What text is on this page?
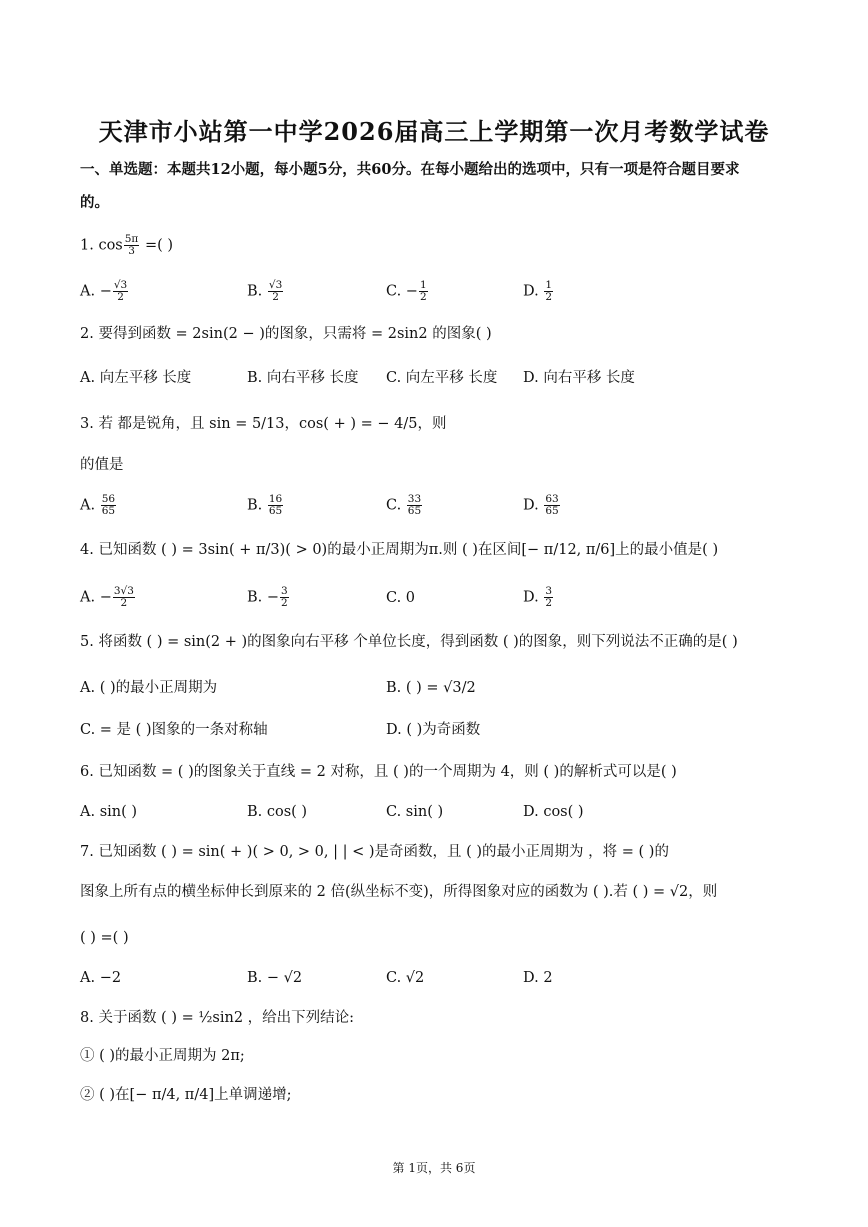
天津市小站第一中学2026届高三上学期第一次月考数学试卷
一、单选题：本题共12小题，每小题5分，共60分。在每小题给出的选项中，只有一项是符合题目要求
的。
1. $\cos \frac{5\pi}{3}$ =( )
A. − $\frac{√3}{2}$	B. $\frac{√3}{2}$	C. − $\frac{1}{2}$	D. $\frac{1}{2}$
2. 要得到函数 = 2sin(2 − )的图象，只需将 = 2sin2 的图象( )
A. 向左平移 长度	B. 向右平移 长度 C. 向左平移 长度 D. 向右平移 长度
3. 若 都是锐角，且 sin = 5/13，cos( + ) = − 4/5，则
的值是
A. $\frac{56}{65}$	B. $\frac{16}{65}$	C. $\frac{33}{65}$	D. $\frac{63}{65}$
4. 已知函数 ( ) = 3sin( + π/3)( > 0)的最小正周期为π.则 ( )在区间[− π/12, π/6]上的最小值是( )
A. − $\frac{3√3}{2}$	B. − $\frac{3}{2}$	C. 0	D. $\frac{3}{2}$
5. 将函数 ( ) = sin(2 + )的图象向右平移 个单位长度，得到函数 ( )的图象，则下列说法不正确的是( )
A. ( )的最小正周期为	B. ( ) = √3/2
C. = 是 ( )图象的一条对称轴	D. ( )为奇函数
6. 已知函数 = ( )的图象关于直线 = 2 对称，且 ( )的一个周期为 4，则 ( )的解析式可以是( )
A. sin( )	B. cos( )	C. sin( )	D. cos( )
7. 已知函数 ( ) = sin( + )( > 0, > 0, | | < )是奇函数，且 ( )的最小正周期为 ，将 = ( )的
图象上所有点的横坐标伸长到原来的 2 倍(纵坐标不变)，所得图象对应的函数为 ( ).若 ( ) = √2，则
( ) =( )
A. −2	B. − √2	C. √2	D. 2
8. 关于函数 ( ) = ½sin2 ，给出下列结论:
① ( )的最小正周期为 2π;
② ( )在[− π/4, π/4]上单调递增;
第 1页，共 6页
